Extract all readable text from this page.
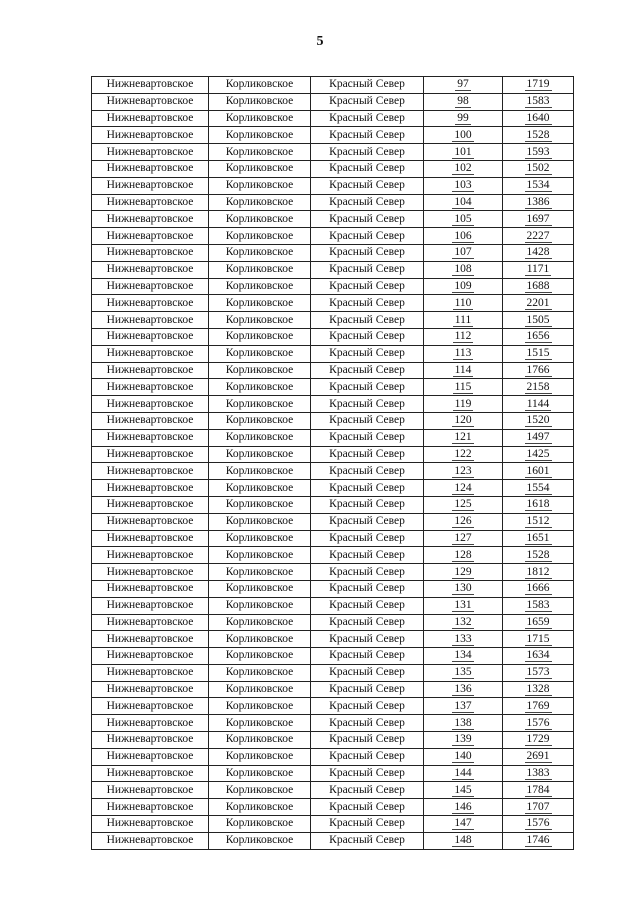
5
Нижневартовское	Корликовское	Красный Север	97	1719
Нижневартовское	Корликовское	Красный Север	98	1583
Нижневартовское	Корликовское	Красный Север	99	1640
Нижневартовское	Корликовское	Красный Север	100	1528
Нижневартовское	Корликовское	Красный Север	101	1593
Нижневартовское	Корликовское	Красный Север	102	1502
Нижневартовское	Корликовское	Красный Север	103	1534
Нижневартовское	Корликовское	Красный Север	104	1386
Нижневартовское	Корликовское	Красный Север	105	1697
Нижневартовское	Корликовское	Красный Север	106	2227
Нижневартовское	Корликовское	Красный Север	107	1428
Нижневартовское	Корликовское	Красный Север	108	1171
Нижневартовское	Корликовское	Красный Север	109	1688
Нижневартовское	Корликовское	Красный Север	110	2201
Нижневартовское	Корликовское	Красный Север	111	1505
Нижневартовское	Корликовское	Красный Север	112	1656
Нижневартовское	Корликовское	Красный Север	113	1515
Нижневартовское	Корликовское	Красный Север	114	1766
Нижневартовское	Корликовское	Красный Север	115	2158
Нижневартовское	Корликовское	Красный Север	119	1144
Нижневартовское	Корликовское	Красный Север	120	1520
Нижневартовское	Корликовское	Красный Север	121	1497
Нижневартовское	Корликовское	Красный Север	122	1425
Нижневартовское	Корликовское	Красный Север	123	1601
Нижневартовское	Корликовское	Красный Север	124	1554
Нижневартовское	Корликовское	Красный Север	125	1618
Нижневартовское	Корликовское	Красный Север	126	1512
Нижневартовское	Корликовское	Красный Север	127	1651
Нижневартовское	Корликовское	Красный Север	128	1528
Нижневартовское	Корликовское	Красный Север	129	1812
Нижневартовское	Корликовское	Красный Север	130	1666
Нижневартовское	Корликовское	Красный Север	131	1583
Нижневартовское	Корликовское	Красный Север	132	1659
Нижневартовское	Корликовское	Красный Север	133	1715
Нижневартовское	Корликовское	Красный Север	134	1634
Нижневартовское	Корликовское	Красный Север	135	1573
Нижневартовское	Корликовское	Красный Север	136	1328
Нижневартовское	Корликовское	Красный Север	137	1769
Нижневартовское	Корликовское	Красный Север	138	1576
Нижневартовское	Корликовское	Красный Север	139	1729
Нижневартовское	Корликовское	Красный Север	140	2691
Нижневартовское	Корликовское	Красный Север	144	1383
Нижневартовское	Корликовское	Красный Север	145	1784
Нижневартовское	Корликовское	Красный Север	146	1707
Нижневартовское	Корликовское	Красный Север	147	1576
Нижневартовское	Корликовское	Красный Север	148	1746
